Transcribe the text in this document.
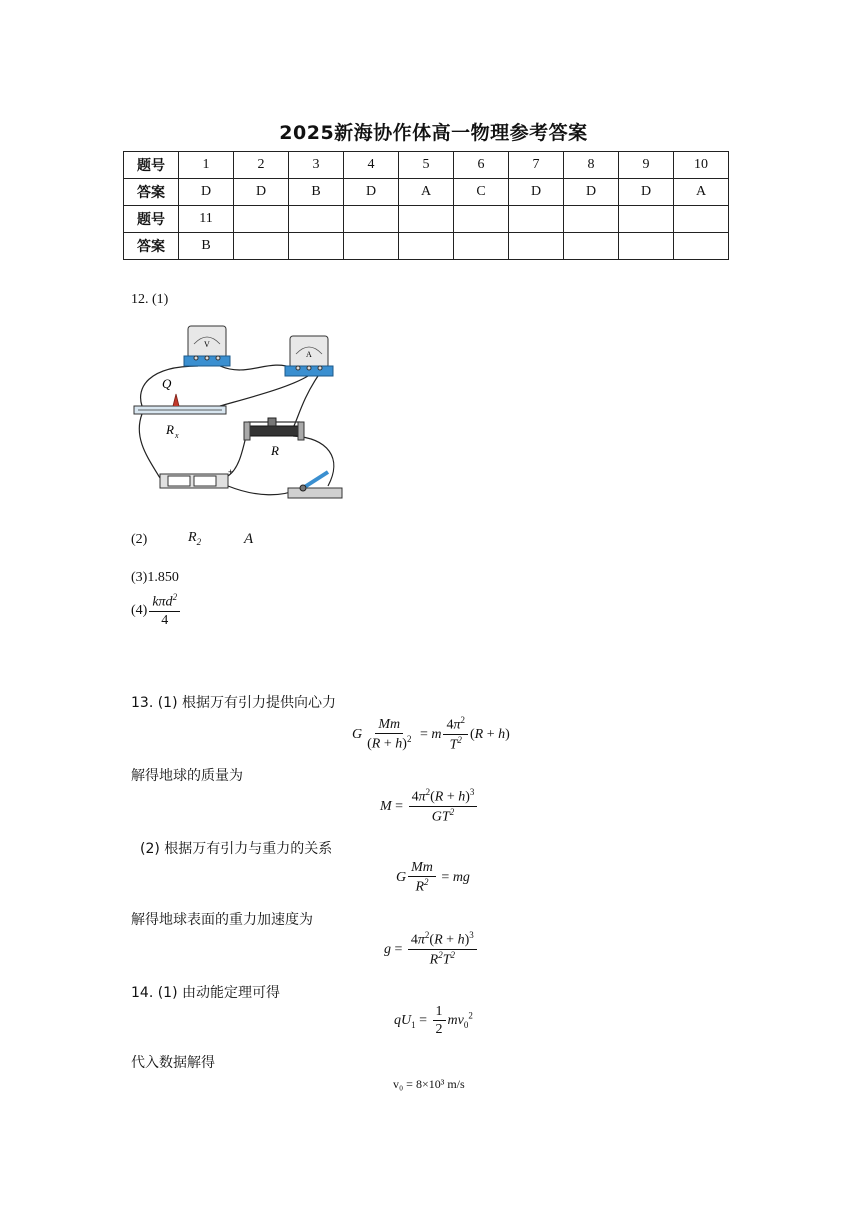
2025新海协作体高一物理参考答案
题号	1	2	3	4	5	6	7	8	9	10
答案	D	D	B	D	A	C	D	D	D	A
题号	11									
答案	B									
12. (1)
V
A
Q
R x
R
+
(2)	$R_2$	A
(3)1.850
$(4) \frac{k\pi d^2}{4}$
13. (1) 根据万有引力提供向心力
G $\frac{Mm}{(R + h)^2} = m \frac{4\pi^2}{T^2} (R + h)$
解得地球的质量为
$M = \frac{4\pi^2(R + h)^3}{GT^2}$
(2) 根据万有引力与重力的关系
G $\frac{Mm}{R^2}$ = mg
解得地球表面的重力加速度为
$g = \frac{4\pi^2(R + h)^3}{R^2T^2}$
14. (1) 由动能定理可得
$qU_1 = \frac{1}{2} mv_0^2$
代入数据解得
v₀ = 8×10³ m/s
